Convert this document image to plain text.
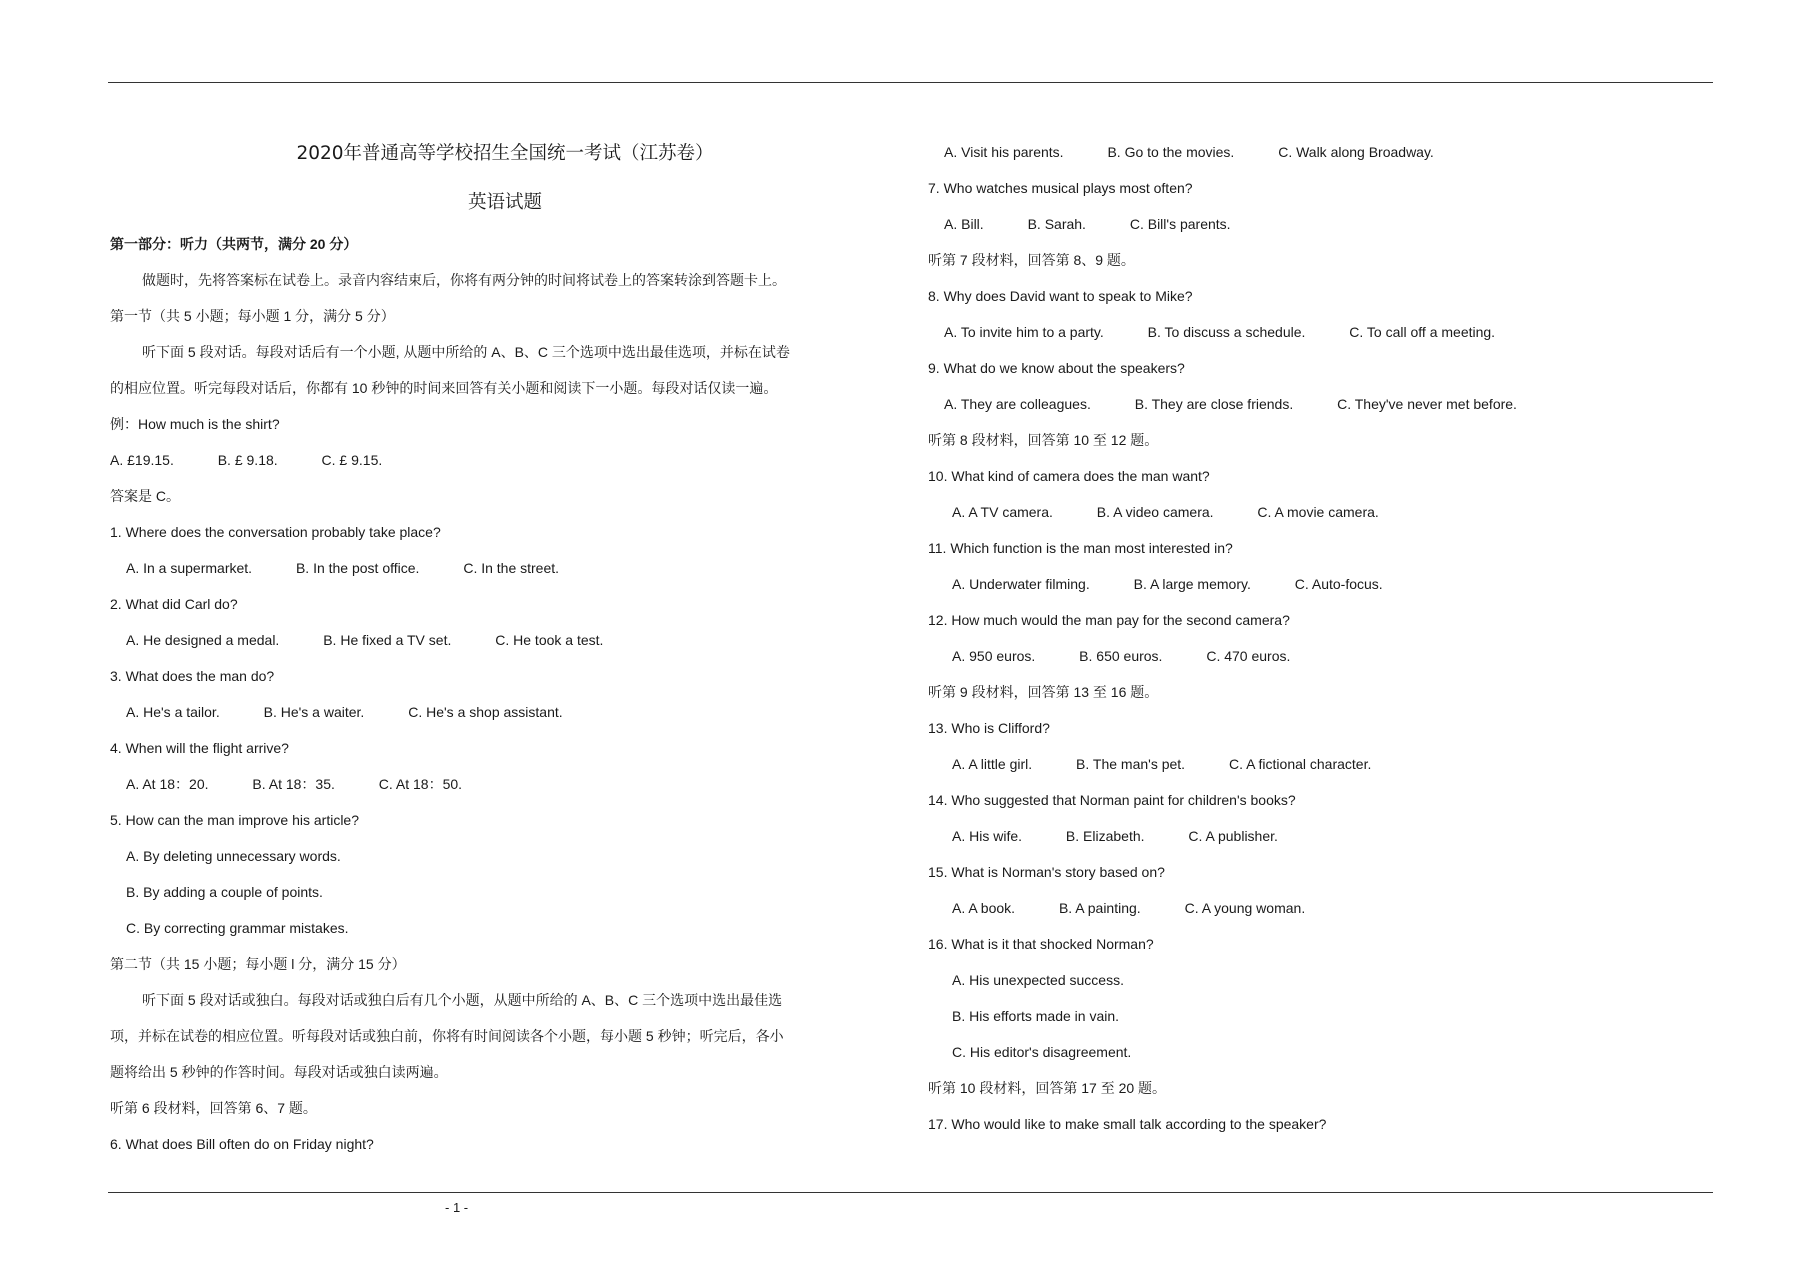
2020年普通高等学校招生全国统一考试（江苏卷）
英语试题
第一部分：听力（共两节，满分 20 分）
做题时，先将答案标在试卷上。录音内容结束后，你将有两分钟的时间将试卷上的答案转涂到答题卡上。
第一节（共 5 小题；每小题 1 分，满分 5 分）
听下面 5 段对话。每段对话后有一个小题, 从题中所给的 A、B、C 三个选项中选出最佳选项，并标在试卷
的相应位置。听完每段对话后，你都有 10 秒钟的时间来回答有关小题和阅读下一小题。每段对话仅读一遍。
例：How much is the shirt?
A. £19.15.	B. £ 9.18.	C. £ 9.15.
答案是 C。
1. Where does the conversation probably take place?
A. In a supermarket.	B. In the post office.	C. In the street.
2. What did Carl do?
A. He designed a medal.	B. He fixed a TV set.	C. He took a test.
3. What does the man do?
A. He's a tailor.	B. He's a waiter.	C. He's a shop assistant.
4. When will the flight arrive?
A. At 18：20.	B. At 18：35.	C. At 18：50.
5. How can the man improve his article?
A. By deleting unnecessary words.
B. By adding a couple of points.
C. By correcting grammar mistakes.
第二节（共 15 小题；每小题 l 分，满分 15 分）
听下面 5 段对话或独白。每段对话或独白后有几个小题，从题中所给的 A、B、C 三个选项中选出最佳选
项，并标在试卷的相应位置。听每段对话或独白前，你将有时间阅读各个小题，每小题 5 秒钟；听完后，各小
题将给出 5 秒钟的作答时间。每段对话或独白读两遍。
听第 6 段材料，回答第 6、7 题。
6. What does Bill often do on Friday night?
A. Visit his parents.	B. Go to the movies.	C. Walk along Broadway.
7. Who watches musical plays most often?
A. Bill.	B. Sarah.	C. Bill's parents.
听第 7 段材料，回答第 8、9 题。
8. Why does David want to speak to Mike?
A. To invite him to a party.	B. To discuss a schedule.	C. To call off a meeting.
9. What do we know about the speakers?
A. They are colleagues.	B. They are close friends.	C. They've never met before.
听第 8 段材料，回答第 10 至 12 题。
10. What kind of camera does the man want?
A. A TV camera.	B. A video camera.	C. A movie camera.
11. Which function is the man most interested in?
A. Underwater filming.	B. A large memory.	C. Auto-focus.
12. How much would the man pay for the second camera?
A. 950 euros.	B. 650 euros.	C. 470 euros.
听第 9 段材料，回答第 13 至 16 题。
13. Who is Clifford?
A. A little girl.	B. The man's pet.	C. A fictional character.
14. Who suggested that Norman paint for children's books?
A. His wife.	B. Elizabeth.	C. A publisher.
15. What is Norman's story based on?
A. A book.	B. A painting.	C. A young woman.
16. What is it that shocked Norman?
A. His unexpected success.
B. His efforts made in vain.
C. His editor's disagreement.
听第 10 段材料，回答第 17 至 20 题。
17. Who would like to make small talk according to the speaker?
- 1 -
